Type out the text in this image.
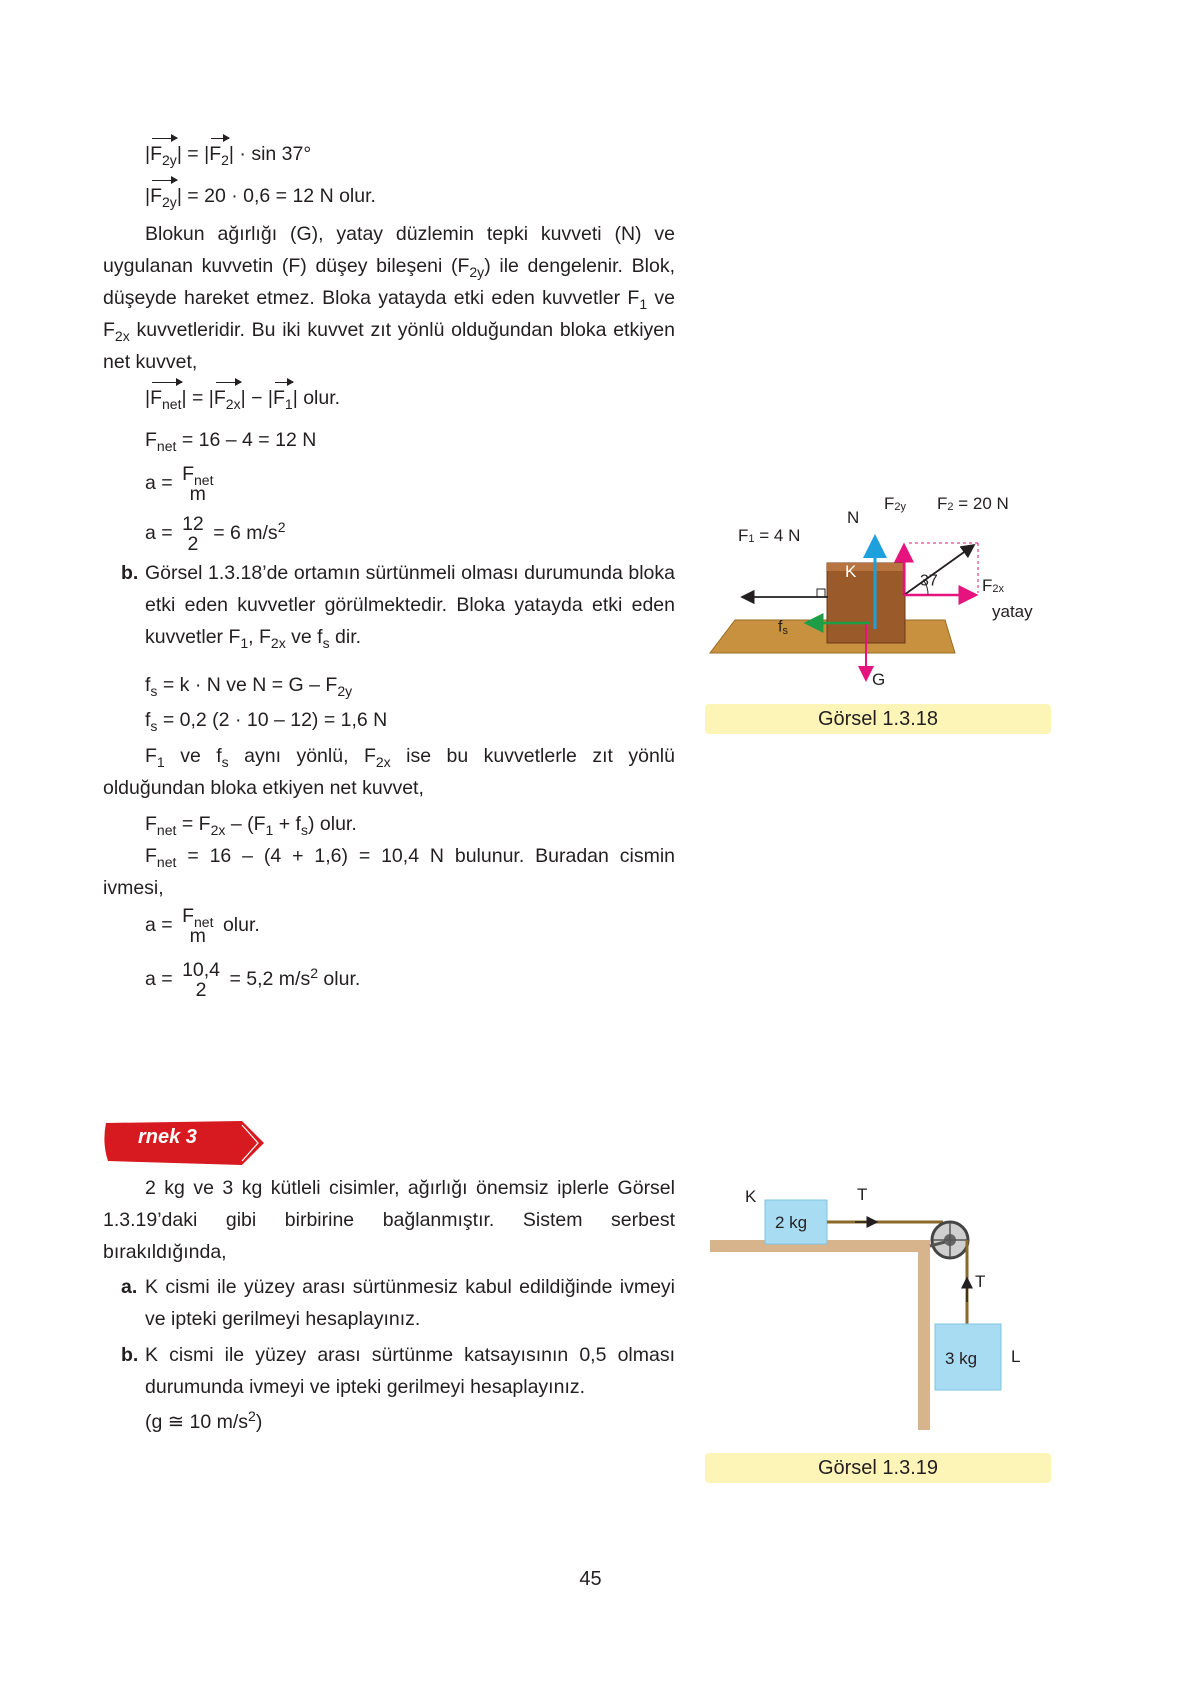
$|F_{2y}| = |F_2| \cdot \sin 37^\circ$
$|F_{2y}| = 20 \cdot 0,6 = 12$ N olur.
Blokun ağırlığı (G), yatay düzlemin tepki kuvveti (N) ve uygulanan kuvvetin (F) düşey bileşeni $(F_{2y})$ ile dengelenir. Blok, düşeyde hareket etmez. Bloka yatayda etki eden kuvvetler $F_1$ ve $F_{2x}$ kuvvetleridir. Bu iki kuvvet zıt yönlü olduğundan bloka etkiyen net kuvvet,
$|F_{net}| = |F_{2x}| - |F_1|$ olur.
$F_{net} = 16 - 4 = 12$ N
$a = F_{net}$
m
a = 12
2 = 6 $m/s^2$
b. Görsel 1.3.18’de ortamın sürtünmeli olması durumunda bloka etki eden kuvvetler görülmektedir. Bloka yatayda etki eden kuvvetler $F_1$, $F_{2x}$ ve $f_s$ dir.
$f_s = k \cdot N$ ve $N = G - F_{2y}$
$f_s = 0,2$ (2 · 10 – 12) = 1,6 N
$F_1$ ve $f_s$ aynı yönlü, $F_{2x}$ ise bu kuvvetlerle zıt yönlü olduğundan bloka etkiyen net kuvvet,
$F_{net} = F_{2x} - (F_1 + f_s)$ olur.
$F_{net} = 16 - (4 + 1,6) = 10,4$ N bulunur. Buradan cismin ivmesi,
$a = F_{net}$
m olur.
a = 10,4
2 = 5,2 $m/s^2$ olur.
N
$F_{2y}$ $F_2 = 20$ N
$F_1 = 4$ N
K	37	$F_{2x}$
yatay
$f_s$
G
Görsel 1.3.18
rnek 3
2 kg ve 3 kg kütleli cisimler, ağırlığı önemsiz iplerle Görsel 1.3.19’daki gibi birbirine bağlanmıştır. Sistem serbest bırakıldığında,
a. K cismi ile yüzey arası sürtünmesiz kabul edildiğinde ivmeyi ve ipteki gerilmeyi hesaplayınız.
b. K cismi ile yüzey arası sürtünme katsayısının 0,5 olması durumunda ivmeyi ve ipteki gerilmeyi hesaplayınız.
(g ≅ 10 $m/s^2$)
K
2 kg
T
T
3 kg L
Görsel 1.3.19
45
